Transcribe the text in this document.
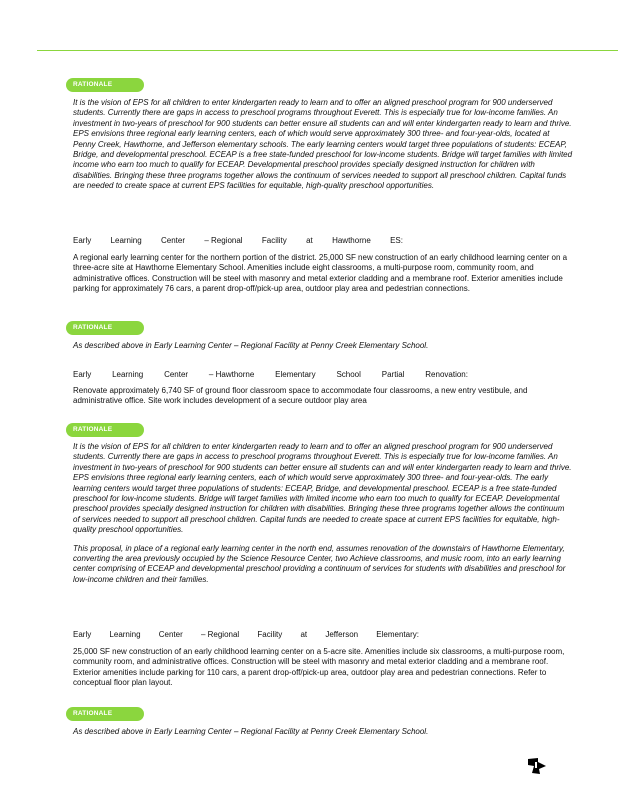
RATIONALE

It is the vision of EPS for all children to enter kindergarten ready to learn and to offer an aligned preschool program for 900 underserved students. Currently there are gaps in access to preschool programs throughout Everett. This is especially true for low-income families. An investment in two-years of preschool for 900 students can better ensure all students can and will enter kindergarten ready to learn and thrive. EPS envisions three regional early learning centers, each of which would serve approximately 300 three- and four-year-olds, located at Penny Creek, Hawthorne, and Jefferson elementary schools. The early learning centers would target three populations of students: ECEAP, Bridge, and developmental preschool. ECEAP is a free state-funded preschool for low-income students. Bridge will target families with limited income who earn too much to qualify for ECEAP. Developmental preschool provides specially designed instruction for children with disabilities. Bringing these three programs together allows the continuum of services needed to support all preschool children. Capital funds are needed to create space at current EPS facilities for equitable, high-quality preschool opportunities.

Early Learning Center – Regional Facility at Hawthorne ES:

A regional early learning center for the northern portion of the district. 25,000 SF new construction of an early childhood learning center on a three-acre site at Hawthorne Elementary School. Amenities include eight classrooms, a multi-purpose room, community room, and administrative offices. Construction will be steel with masonry and metal exterior cladding and a membrane roof. Exterior amenities include parking for approximately 76 cars, a parent drop-off/pick-up area, outdoor play area and pedestrian connections.

RATIONALE

As described above in Early Learning Center – Regional Facility at Penny Creek Elementary School.

Early	Learning	Center	– Hawthorne	Elementary	School	Partial	Renovation:

Renovate approximately 6,740 SF of ground floor classroom space to accommodate four classrooms, a new entry vestibule, and administrative office. Site work includes development of a secure outdoor play area

RATIONALE

It is the vision of EPS for all children to enter kindergarten ready to learn and to offer an aligned preschool program for 900 underserved students. Currently there are gaps in access to preschool programs throughout Everett. This is especially true for low-income families. An investment in two-years of preschool for 900 students can better ensure all students can and will enter kindergarten ready to learn and thrive. EPS envisions three regional early learning centers, each of which would serve approximately 300 three- and four-year-olds. The early learning centers would target three populations of students: ECEAP, Bridge, and developmental preschool. ECEAP is a free state-funded preschool for low-income students. Bridge will target families with limited income who earn too much to qualify for ECEAP. Developmental preschool provides specially designed instruction for children with disabilities. Bringing these three programs together allows the continuum of services needed to support all preschool children. Capital funds are needed to create space at current EPS facilities for equitable, high-quality preschool opportunities.

This proposal, in place of a regional early learning center in the north end, assumes renovation of the downstairs of Hawthorne Elementary, converting the area previously occupied by the Science Resource Center, two Achieve classrooms, and music room, into an early learning center comprising of ECEAP and developmental preschool providing a continuum of services for students with disabilities and preschool for low-income children and their families.

Early Learning Center – Regional Facility at Jefferson Elementary:

25,000 SF new construction of an early childhood learning center on a 5-acre site. Amenities include six classrooms, a multi-purpose room, community room, and administrative offices. Construction will be steel with masonry and metal exterior cladding and a membrane roof. Exterior amenities include parking for 110 cars, a parent drop-off/pick-up area, outdoor play area and pedestrian connections. Refer to conceptual floor plan layout.

RATIONALE

As described above in Early Learning Center – Regional Facility at Penny Creek Elementary School.
